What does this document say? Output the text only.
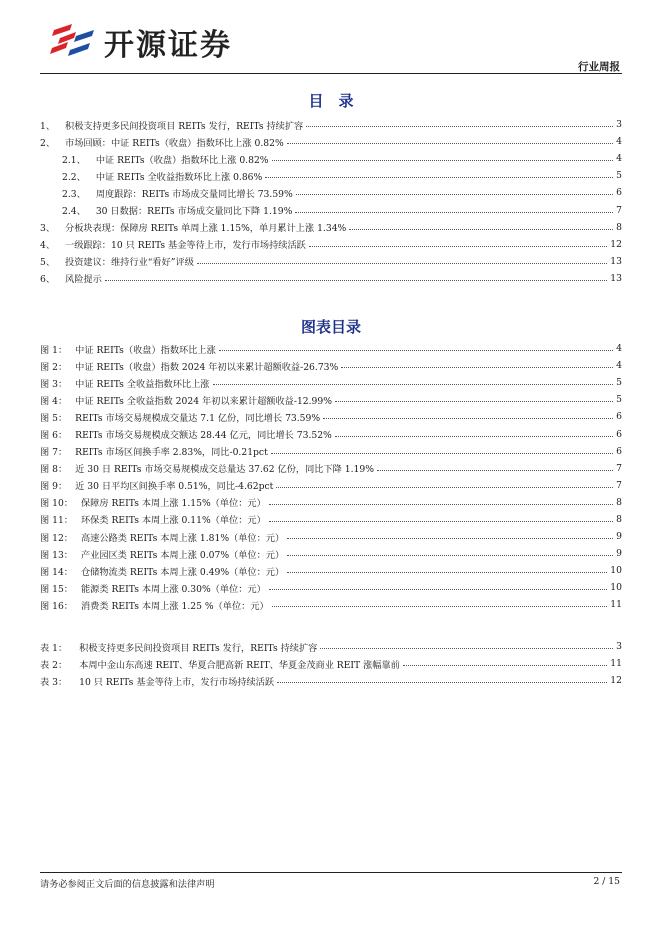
开源证券
行业周报
目　录
1、 积极支持更多民间投资项目 REITs 发行，REITs 持续扩容	3
2、 市场回顾：中证 REITs（收盘）指数环比上涨 0.82%	4
2.1、 中证 REITs（收盘）指数环比上涨 0.82%	4
2.2、 中证 REITs 全收益指数环比上涨 0.86%	5
2.3、 周度跟踪：REITs 市场成交量同比增长 73.59%	6
2.4、 30 日数据：REITs 市场成交量同比下降 1.19%	7
3、 分板块表现：保障房 REITs 单周上涨 1.15%，单月累计上涨 1.34%	8
4、 一级跟踪：10 只 REITs 基金等待上市，发行市场持续活跃	12
5、 投资建议：维持行业“看好”评级	13
6、 风险提示	13
图表目录
图 1： 中证 REITs（收盘）指数环比上涨	4
图 2： 中证 REITs（收盘）指数 2024 年初以来累计超额收益-26.73%	4
图 3： 中证 REITs 全收益指数环比上涨	5
图 4： 中证 REITs 全收益指数 2024 年初以来累计超额收益-12.99%	5
图 5： REITs 市场交易规模成交量达 7.1 亿份，同比增长 73.59%	6
图 6： REITs 市场交易规模成交额达 28.44 亿元，同比增长 73.52%	6
图 7： REITs 市场区间换手率 2.83%，同比-0.21pct	6
图 8： 近 30 日 REITs 市场交易规模成交总量达 37.62 亿份，同比下降 1.19%	7
图 9： 近 30 日平均区间换手率 0.51%，同比-4.62pct	7
图 10： 保障房 REITs 本周上涨 1.15%（单位：元）	8
图 11： 环保类 REITs 本周上涨 0.11%（单位：元）	8
图 12： 高速公路类 REITs 本周上涨 1.81%（单位：元）	9
图 13： 产业园区类 REITs 本周上涨 0.07%（单位：元）	9
图 14： 仓储物流类 REITs 本周上涨 0.49%（单位：元）	10
图 15： 能源类 REITs 本周上涨 0.30%（单位：元）	10
图 16： 消费类 REITs 本周上涨 1.25 %（单位：元）	11
表 1： 积极支持更多民间投资项目 REITs 发行，REITs 持续扩容	3
表 2： 本周中金山东高速 REIT、华夏合肥高新 REIT、华夏金茂商业 REIT 涨幅靠前	11
表 3： 10 只 REITs 基金等待上市，发行市场持续活跃	12
请务必参阅正文后面的信息披露和法律声明	2 / 15
